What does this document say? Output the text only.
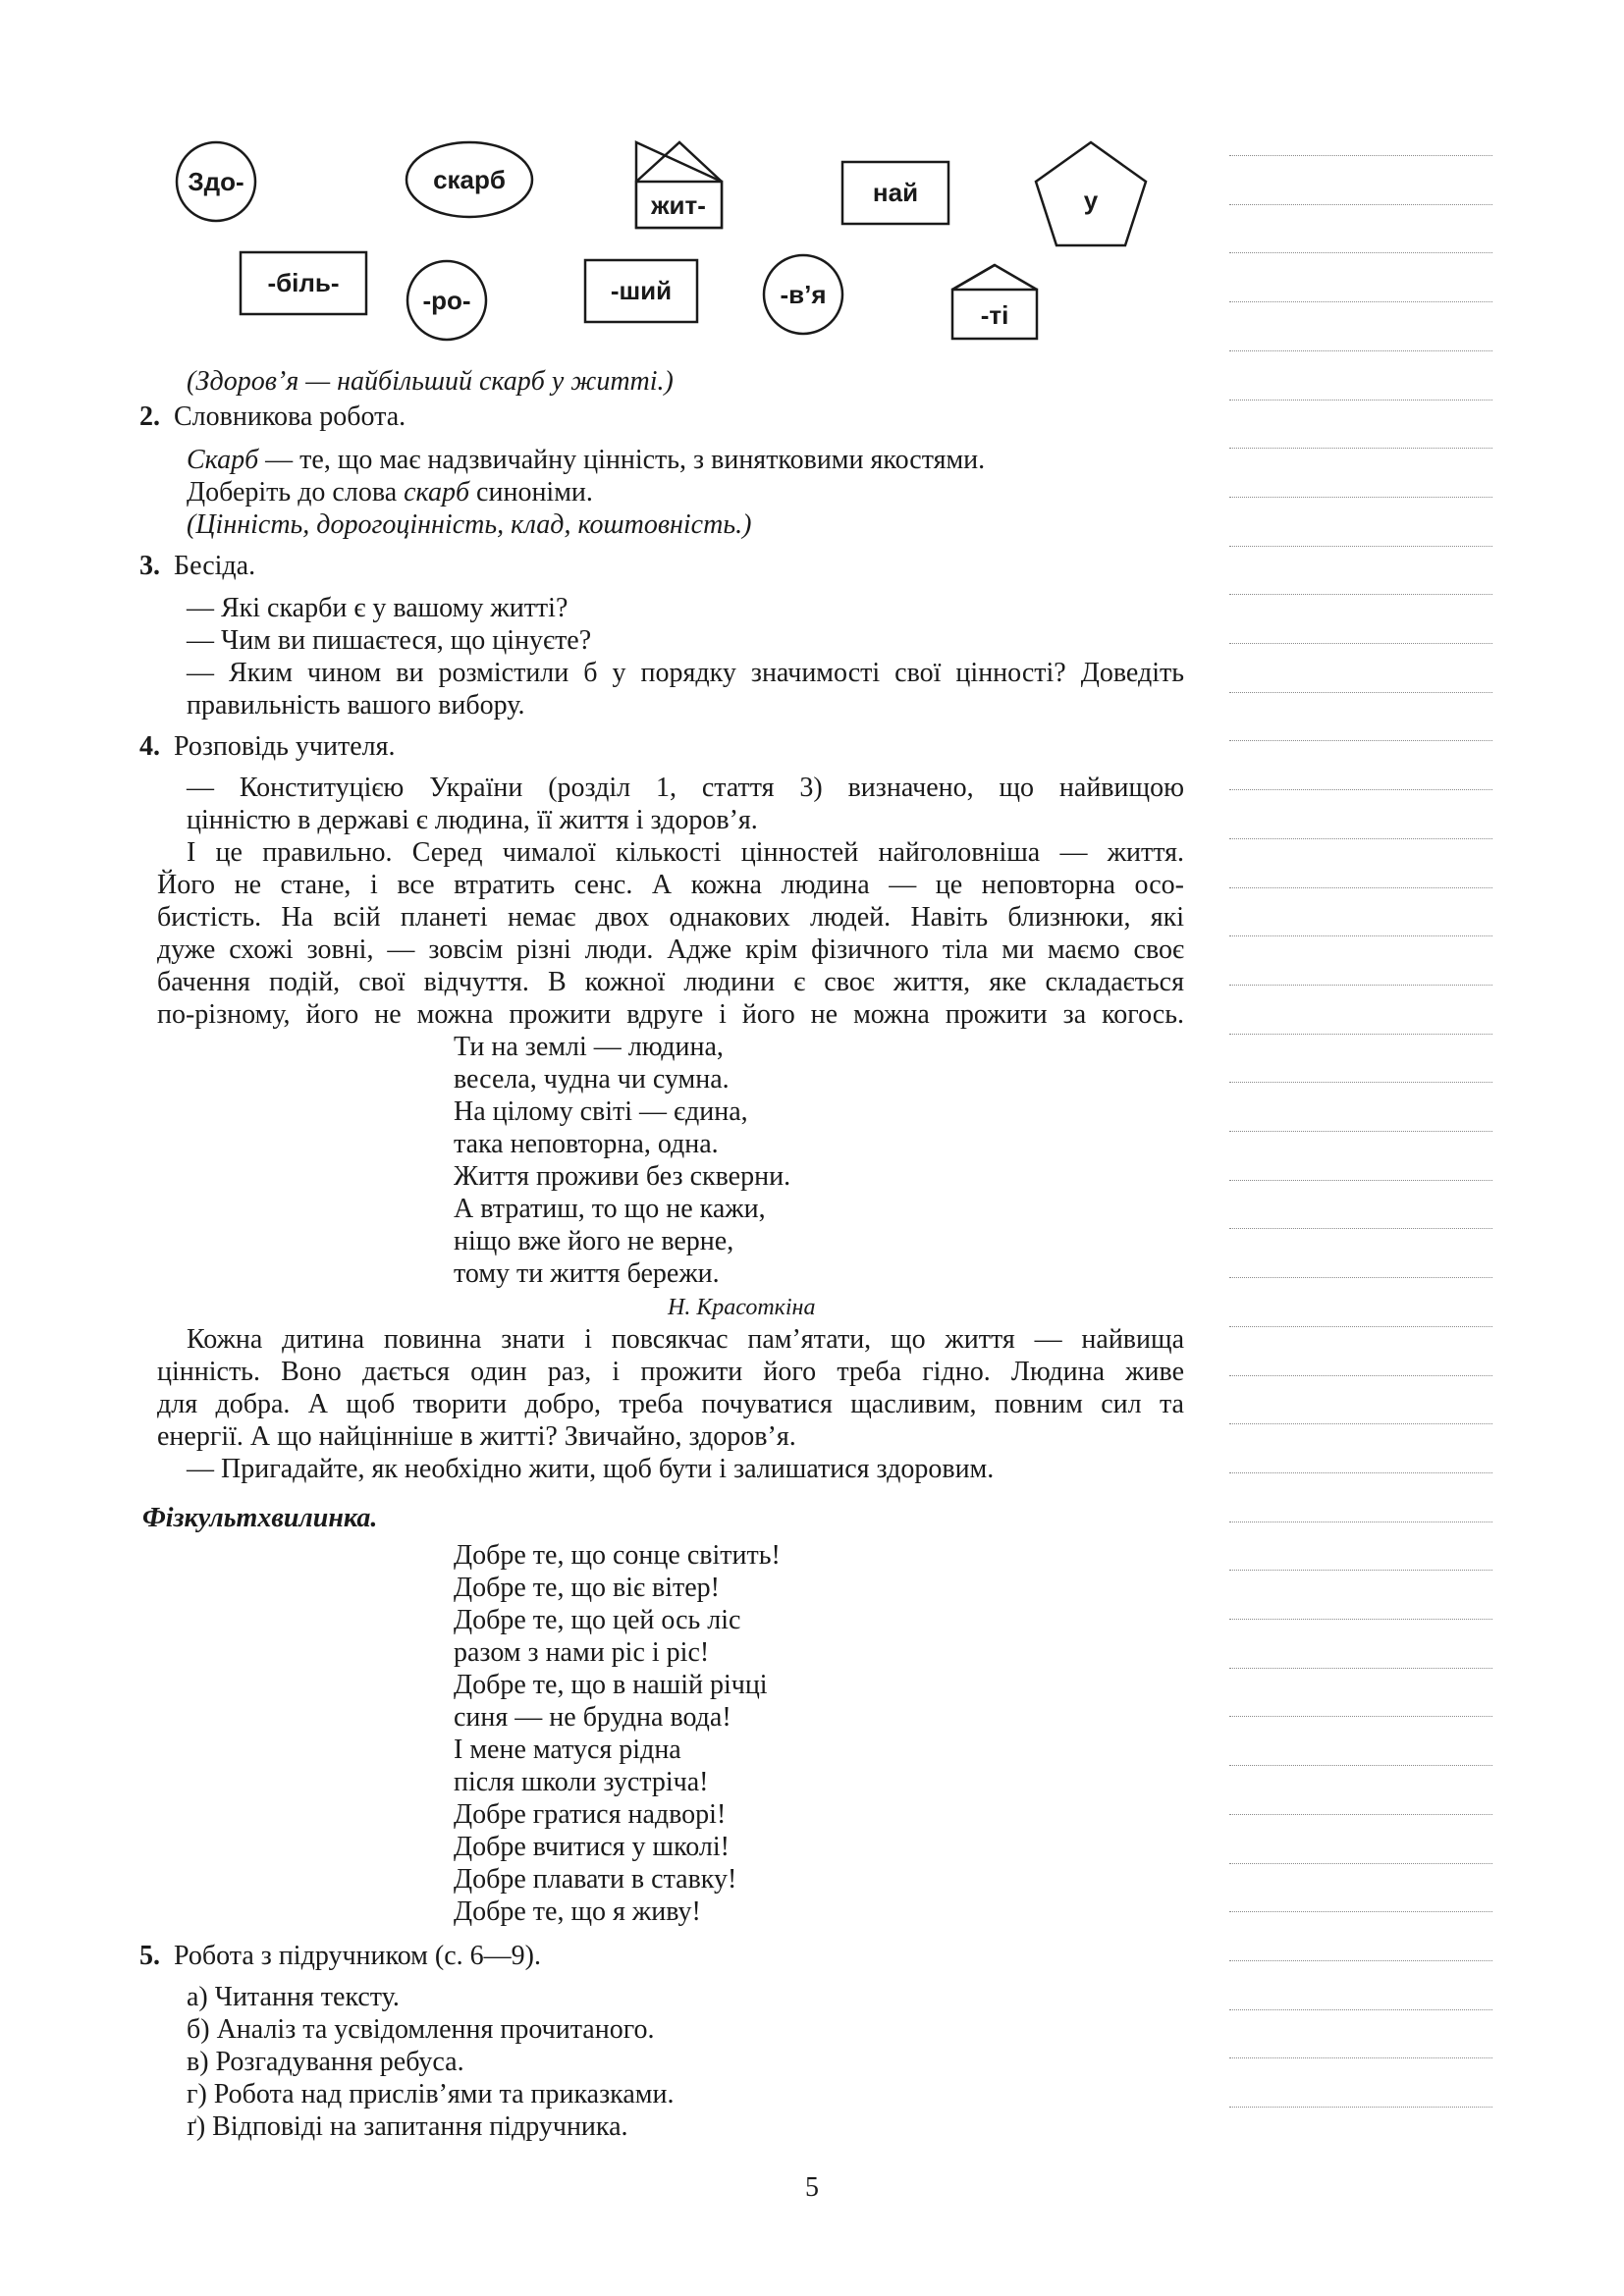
Здо-	скарб
жит-	най	у
-біль-
-ро-	-ший	-в’я
-ті
(Здоров’я — найбільший скарб у житті.)
2. Словникова робота.
Скарб — те, що має надзвичайну цінність, з винятковими якостями.
Доберіть до слова скарб синоніми.
(Цінність, дорогоцінність, клад, коштовність.)
3. Бесіда.
— Які скарби є у вашому житті?
— Чим ви пишаєтеся, що цінуєте?
— Яким чином ви розмістили б у порядку значимості свої цінності? Доведіть
правильність вашого вибору.
4. Розповідь учителя.
— Конституцією України (розділ 1, стаття 3) визначено, що найвищою
цінністю в державі є людина, її життя і здоров’я.
І це правильно. Серед чималої кількості цінностей найголовніша — життя.
Його не стане, і все втратить сенс. А кожна людина — це неповторна осо-
бистість. На всій планеті немає двох однакових людей. Навіть близнюки, які
дуже схожі зовні, — зовсім різні люди. Адже крім фізичного тіла ми маємо своє
бачення подій, свої відчуття. В кожної людини є своє життя, яке складається
по-різному, його не можна прожити вдруге і його не можна прожити за когось.
Ти на землі — людина,
весела, чудна чи сумна.
На цілому світі — єдина,
така неповторна, одна.
Життя проживи без скверни.
А втратиш, то що не кажи,
ніщо вже його не верне,
тому ти життя бережи.
Н. Красоткіна
Кожна дитина повинна знати і повсякчас пам’ятати, що життя — найвища
цінність. Воно дається один раз, і прожити його треба гідно. Людина живе
для добра. А щоб творити добро, треба почуватися щасливим, повним сил та
енергії. А що найцінніше в житті? Звичайно, здоров’я.
— Пригадайте, як необхідно жити, щоб бути і залишатися здоровим.
Фізкультхвилинка.
Добре те, що сонце світить!
Добре те, що віє вітер!
Добре те, що цей ось ліс
разом з нами ріс і ріс!
Добре те, що в нашій річці
синя — не брудна вода!
І мене матуся рідна
після школи зустріча!
Добре гратися надворі!
Добре вчитися у школі!
Добре плавати в ставку!
Добре те, що я живу!
5. Робота з підручником (с. 6—9).
а) Читання тексту.
б) Аналіз та усвідомлення прочитаного.
в) Розгадування ребуса.
г) Робота над прислів’ями та приказками.
ґ) Відповіді на запитання підручника.
5
